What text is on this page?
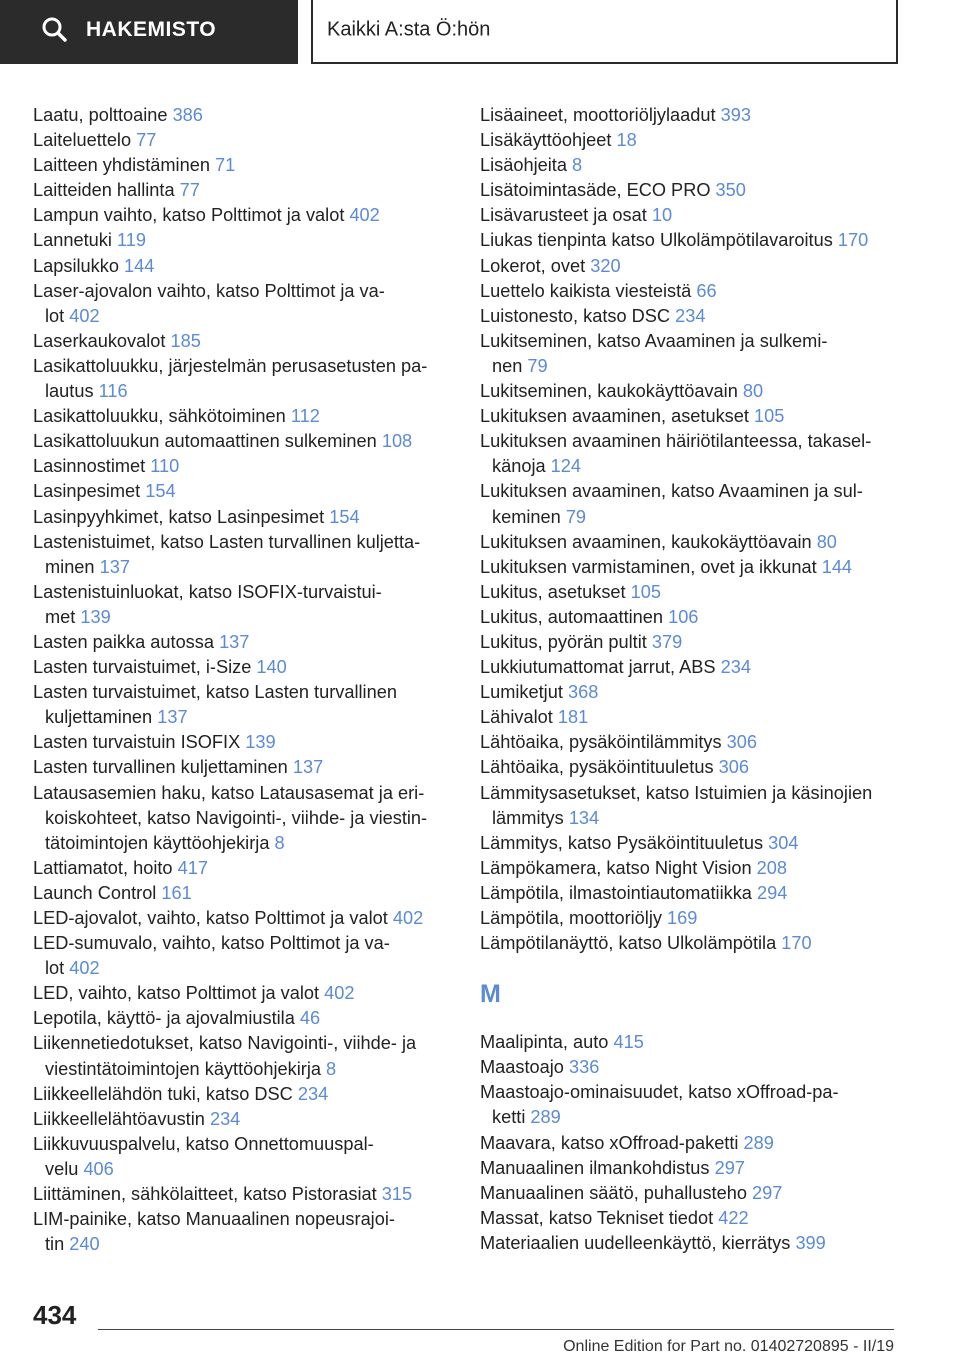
HAKEMISTO	Kaikki A:sta Ö:hön
Laatu, polttoaine 386
Laiteluettelo 77
Laitteen yhdistäminen 71
Laitteiden hallinta 77
Lampun vaihto, katso Polttimot ja valot 402
Lannetuki 119
Lapsilukko 144
Laser-ajovalon vaihto, katso Polttimot ja va-
lot 402
Laserkaukovalot 185
Lasikattoluukku, järjestelmän perusasetusten pa-
lautus 116
Lasikattoluukku, sähkötoiminen 112
Lasikattoluukun automaattinen sulkeminen 108
Lasinnostimet 110
Lasinpesimet 154
Lasinpyyhkimet, katso Lasinpesimet 154
Lastenistuimet, katso Lasten turvallinen kuljetta-
minen 137
Lastenistuinluokat, katso ISOFIX-turvaistui-
met 139
Lasten paikka autossa 137
Lasten turvaistuimet, i-Size 140
Lasten turvaistuimet, katso Lasten turvallinen
kuljettaminen 137
Lasten turvaistuin ISOFIX 139
Lasten turvallinen kuljettaminen 137
Latausasemien haku, katso Latausasemat ja eri-
koiskohteet, katso Navigointi-, viihde- ja viestin-
tätoimintojen käyttöohjekirja 8
Lattiamatot, hoito 417
Launch Control 161
LED-ajovalot, vaihto, katso Polttimot ja valot 402
LED-sumuvalo, vaihto, katso Polttimot ja va-
lot 402
LED, vaihto, katso Polttimot ja valot 402
Lepotila, käyttö- ja ajovalmiustila 46
Liikennetiedotukset, katso Navigointi-, viihde- ja
viestintätoimintojen käyttöohjekirja 8
Liikkeellelähdön tuki, katso DSC 234
Liikkeellelähtöavustin 234
Liikkuvuuspalvelu, katso Onnettomuuspal-
velu 406
Liittäminen, sähkölaitteet, katso Pistorasiat 315
LIM-painike, katso Manuaalinen nopeusrajoi-
tin 240
Lisäaineet, moottoriöljylaadut 393
Lisäkäyttöohjeet 18
Lisäohjeita 8
Lisätoimintasäde, ECO PRO 350
Lisävarusteet ja osat 10
Liukas tienpinta katso Ulkolämpötilavaroitus 170
Lokerot, ovet 320
Luettelo kaikista viesteistä 66
Luistonesto, katso DSC 234
Lukitseminen, katso Avaaminen ja sulkemi-
nen 79
Lukitseminen, kaukokäyttöavain 80
Lukituksen avaaminen, asetukset 105
Lukituksen avaaminen häiriötilanteessa, takasel-
känoja 124
Lukituksen avaaminen, katso Avaaminen ja sul-
keminen 79
Lukituksen avaaminen, kaukokäyttöavain 80
Lukituksen varmistaminen, ovet ja ikkunat 144
Lukitus, asetukset 105
Lukitus, automaattinen 106
Lukitus, pyörän pultit 379
Lukkiutumattomat jarrut, ABS 234
Lumiketjut 368
Lähivalot 181
Lähtöaika, pysäköintilämmitys 306
Lähtöaika, pysäköintituuletus 306
Lämmitysasetukset, katso Istuimien ja käsinojien
lämmitys 134
Lämmitys, katso Pysäköintituuletus 304
Lämpökamera, katso Night Vision 208
Lämpötila, ilmastointiautomatiikka 294
Lämpötila, moottoriöljy 169
Lämpötilanäyttö, katso Ulkolämpötila 170
M
Maalipinta, auto 415
Maastoajo 336
Maastoajo-ominaisuudet, katso xOffroad-pa-
ketti 289
Maavara, katso xOffroad-paketti 289
Manuaalinen ilmankohdistus 297
Manuaalinen säätö, puhallusteho 297
Massat, katso Tekniset tiedot 422
Materiaalien uudelleenkäyttö, kierrätys 399
434
Online Edition for Part no. 01402720895 - II/19
